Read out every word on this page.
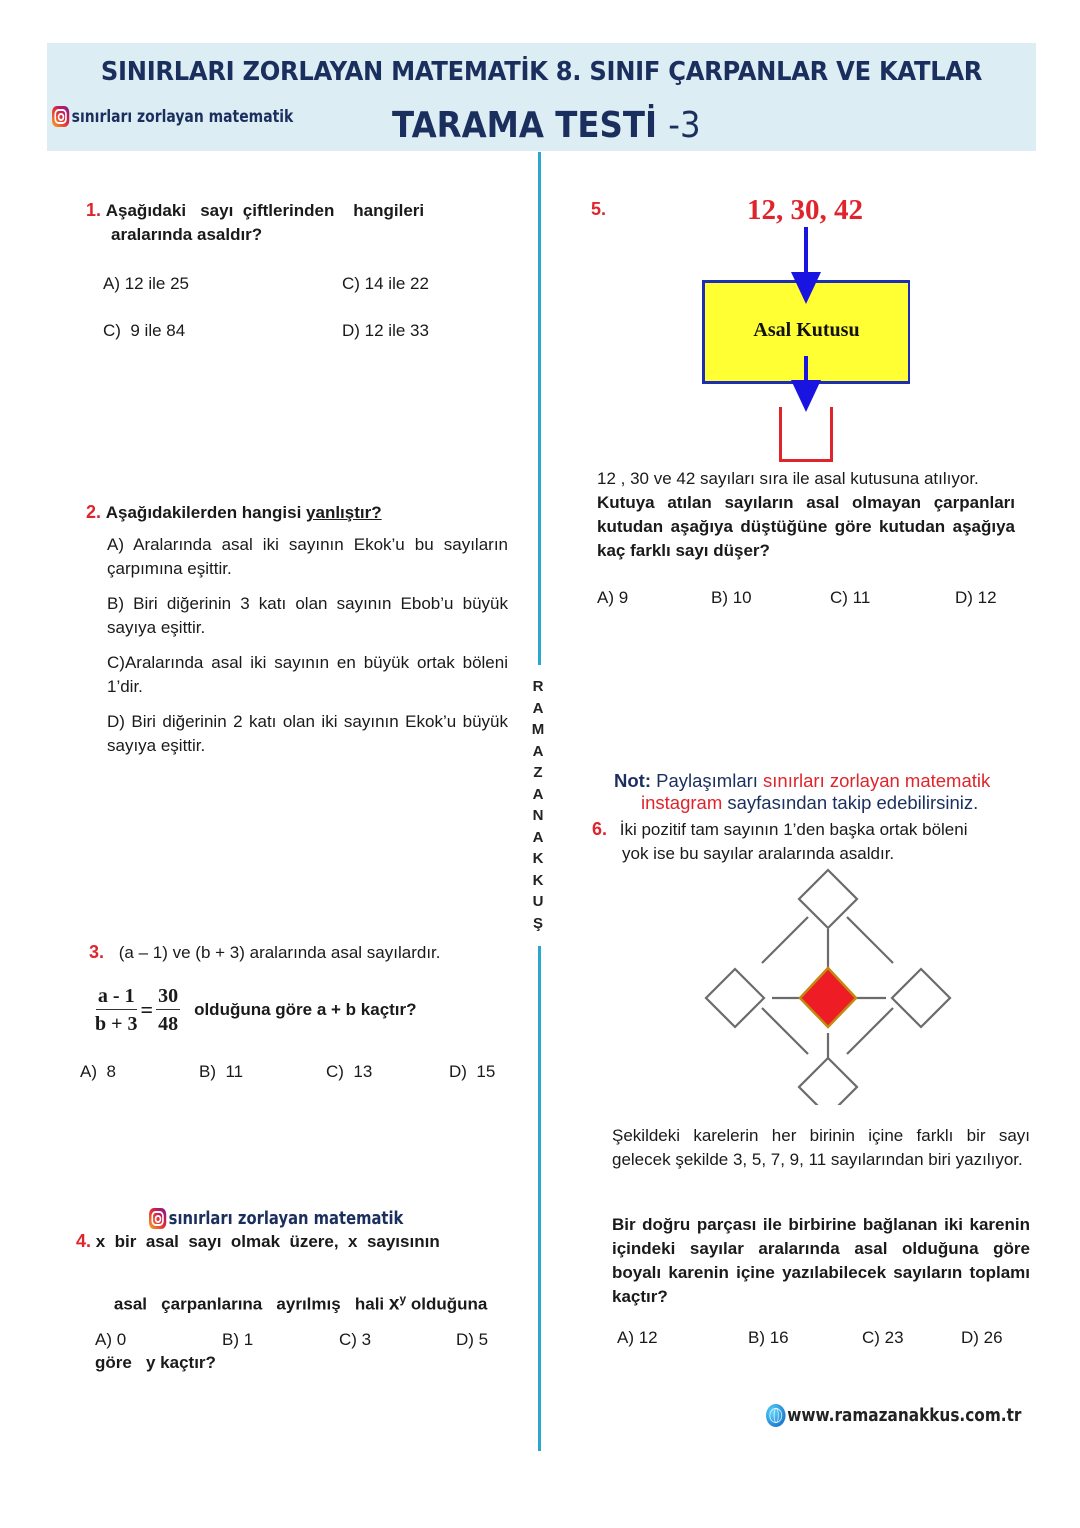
SINIRLARI ZORLAYAN MATEMATİK 8. SINIF ÇARPANLAR VE KATLAR
sınırları zorlayan matematik	TARAMA TESTİ -3
R
A
M
A
Z
A
N
A
K
K
U
Ş
1. Aşağıdaki   sayı  çiftlerinden    hangileri
aralarında asaldır?
A) 12 ile 25	C) 14 ile 22
C)  9 ile 84	D) 12 ile 33
2. Aşağıdakilerden hangisi yanlıştır?
A) Aralarında asal iki sayının Ekok’u bu sayıların çarpımına eşittir.
B) Biri diğerinin 3 katı olan sayının Ebob’u büyük sayıya eşittir.
C)Aralarında asal iki sayının en büyük ortak böleni 1’dir.
D) Biri diğerinin 2 katı olan iki sayının Ekok’u büyük sayıya eşittir.
3. (a – 1) ve (b + 3) aralarında asal sayılardır.
$\frac{a - 1}{b + 3} = \frac{30}{48}$ olduğuna göre a + b kaçtır?
A)  8	B)  11	C)  13	D)  15
sınırları zorlayan matematik
4. x  bir  asal  sayı  olmak  üzere,  x  sayısının

asal   çarpanlarına   ayrılmış   hali $x^y$ olduğuna

göre   y kaçtır?
A) 0	B) 1	C) 3	D) 5
5.	12, 30, 42
Asal Kutusu
12 , 30 ve 42 sayıları sıra ile asal kutusuna atılıyor.
Kutuya atılan sayıların asal olmayan çarpanları kutudan aşağıya düştüğüne göre kutudan aşağıya kaç farklı sayı düşer?
A) 9	B) 10	C) 11	D) 12
Not: Paylaşımları sınırları zorlayan matematik
instagram sayfasından takip edebilirsiniz.
6. İki pozitif tam sayının 1’den başka ortak böleni
yok ise bu sayılar aralarında asaldır.
Şekildeki karelerin her birinin içine farklı bir sayı gelecek şekilde 3, 5, 7, 9, 11 sayılarından biri yazılıyor.
Bir doğru parçası ile birbirine bağlanan iki karenin içindeki sayılar aralarında asal olduğuna göre boyalı karenin içine yazılabilecek sayıların toplamı kaçtır?
A) 12	B) 16	C) 23	D) 26
www.ramazanakkus.com.tr
